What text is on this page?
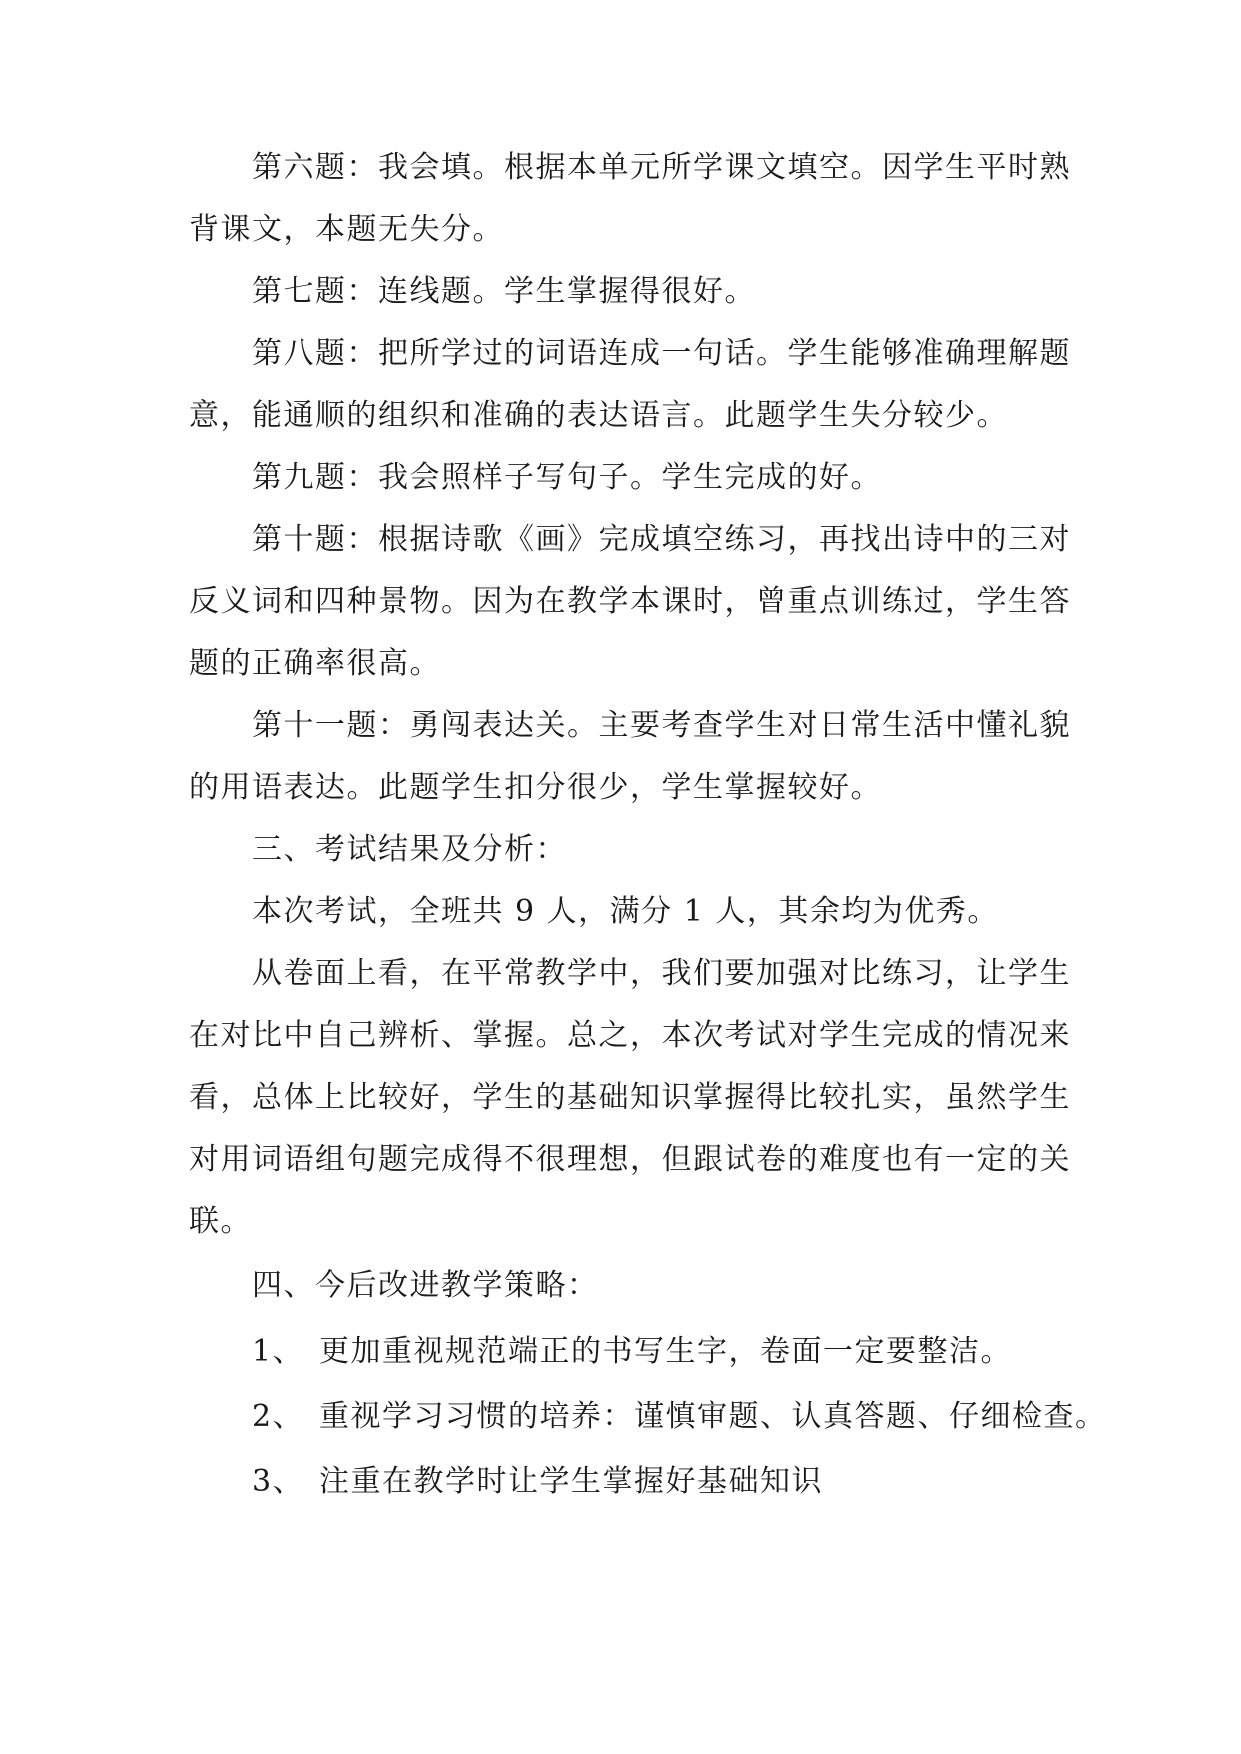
第六题：我会填。根据本单元所学课文填空。因学生平时熟
背课文，本题无失分。
第七题：连线题。学生掌握得很好。
第八题：把所学过的词语连成一句话。学生能够准确理解题
意，能通顺的组织和准确的表达语言。此题学生失分较少。
第九题：我会照样子写句子。学生完成的好。
第十题：根据诗歌《画》完成填空练习，再找出诗中的三对
反义词和四种景物。因为在教学本课时，曾重点训练过，学生答
题的正确率很高。
第十一题：勇闯表达关。主要考查学生对日常生活中懂礼貌
的用语表达。此题学生扣分很少，学生掌握较好。
三、考试结果及分析：
本次考试，全班共 9 人，满分 1 人，其余均为优秀。
从卷面上看，在平常教学中，我们要加强对比练习，让学生
在对比中自己辨析、掌握。总之，本次考试对学生完成的情况来
看，总体上比较好，学生的基础知识掌握得比较扎实，虽然学生
对用词语组句题完成得不很理想，但跟试卷的难度也有一定的关
联。
四、今后改进教学策略：
1、 更加重视规范端正的书写生字，卷面一定要整洁。
2、 重视学习习惯的培养：谨慎审题、认真答题、仔细检查。
3、 注重在教学时让学生掌握好基础知识
